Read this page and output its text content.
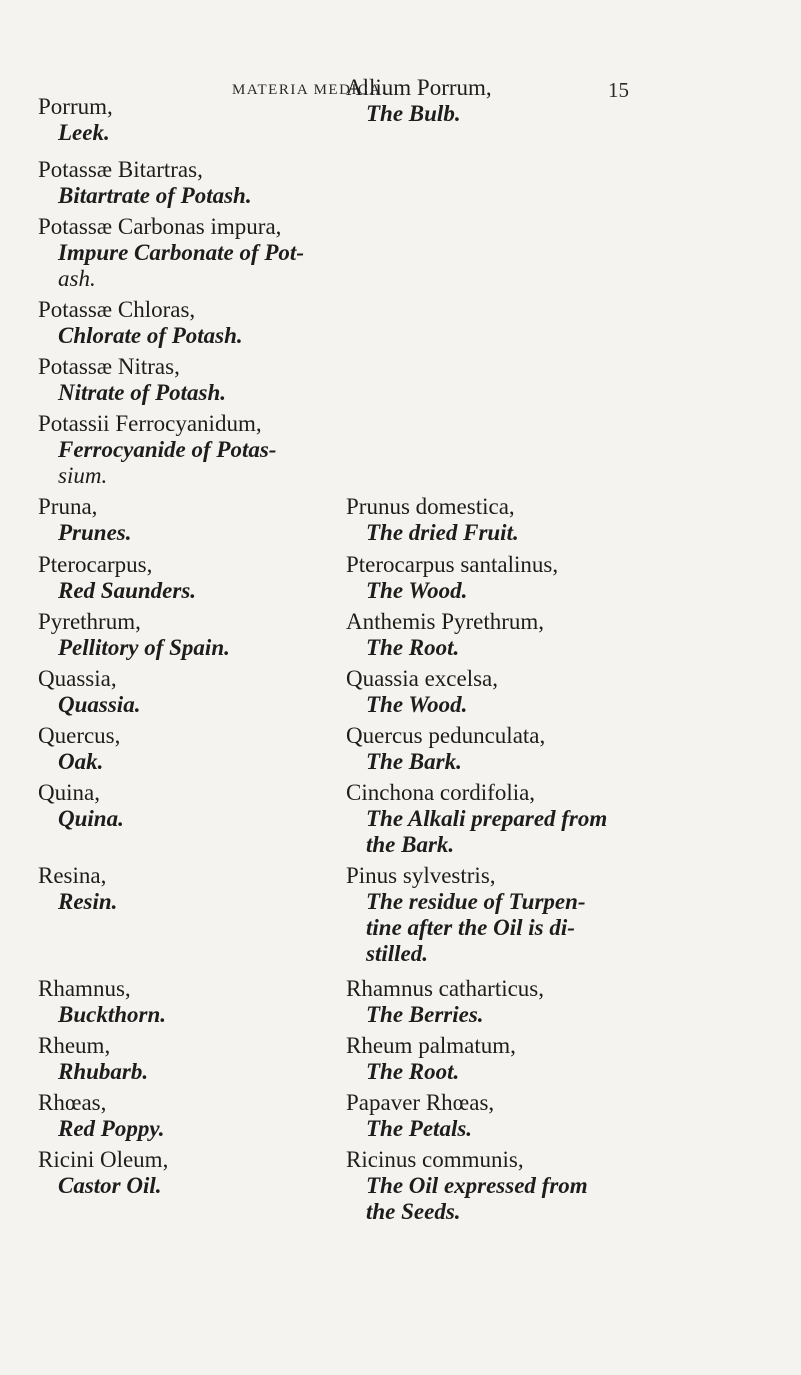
MATERIA MEDICA.	15
Porrum,
Leek.
Potassæ Bitartras,
Bitartrate of Potash.
Potassæ Carbonas impura,
Impure Carbonate of Pot-
ash.
Potassæ Chloras,
Chlorate of Potash.
Potassæ Nitras,
Nitrate of Potash.
Potassii Ferrocyanidum,
Ferrocyanide of Potas-
sium.
Pruna,
Prunes.
Pterocarpus,
Red Saunders.
Pyrethrum,
Pellitory of Spain.
Quassia,
Quassia.
Quercus,
Oak.
Quina,
Quina.
Resina,
Resin.
Rhamnus,
Buckthorn.
Rheum,
Rhubarb.
Rhœas,
Red Poppy.
Ricini Oleum,
Castor Oil.
Allium Porrum,
The Bulb.
Prunus domestica,
The dried Fruit.
Pterocarpus santalinus,
The Wood.
Anthemis Pyrethrum,
The Root.
Quassia excelsa,
The Wood.
Quercus pedunculata,
The Bark.
Cinchona cordifolia,
The Alkali prepared from
the Bark.
Pinus sylvestris,
The residue of Turpen-
tine after the Oil is di-
stilled.
Rhamnus catharticus,
The Berries.
Rheum palmatum,
The Root.
Papaver Rhœas,
The Petals.
Ricinus communis,
The Oil expressed from
the Seeds.
